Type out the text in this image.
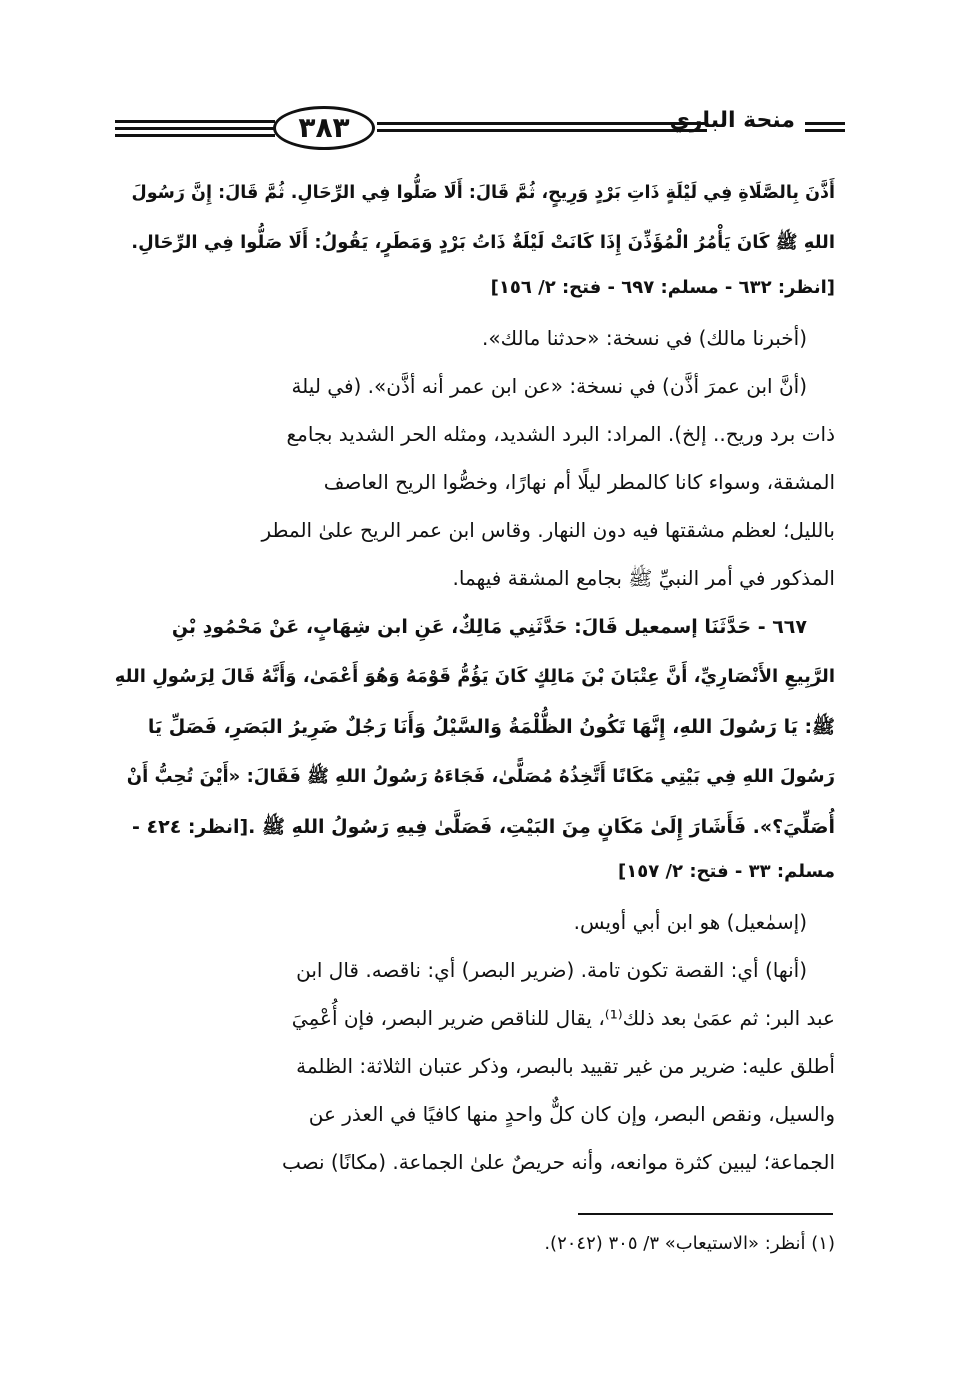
٣٨٣	منحة الباري
أَذَّنَ بِالصَّلَاةِ فِي لَيْلَةٍ ذَاتِ بَرْدٍ وَرِيحٍ، ثُمَّ قَالَ: أَلَا صَلُّوا فِي الرِّحَالِ. ثُمَّ قَالَ: إِنَّ رَسُولَ
اللهِ ﷺ كَانَ يَأْمُرُ الْمُؤَذِّنَ إِذَا كَانَتْ لَيْلَةٌ ذَاتُ بَرْدٍ وَمَطَرٍ، يَقُولُ: أَلَا صَلُّوا فِي الرِّحَالِ.
[انظر: ٦٣٢ - مسلم: ٦٩٧ - فتح: ٢/ ١٥٦]
(أخبرنا مالك) في نسخة: «حدثنا مالك».
(أنَّ ابن عمرَ أذَّن) في نسخة: «عن ابن عمر أنه أذَّن». (في ليلة
ذات برد وريح.. إلخ). المراد: البرد الشديد، ومثله الحر الشديد بجامع
المشقة، وسواء كانا كالمطر ليلًا أم نهارًا، وخصُّوا الريح العاصف
بالليل؛ لعظم مشقتها فيه دون النهار. وقاس ابن عمر الريح علىٰ المطر
المذكور في أمر النبيِّ ﷺ بجامع المشقة فيهما.
٦٦٧ - حَدَّثَنَا إسمعيل قَالَ: حَدَّثَنِي مَالِكٌ، عَنِ ابن شِهَابٍ، عَنْ مَحْمُودِ بْنِ
الرَّبِيعِ الأَنْصَارِيِّ، أَنَّ عِتْبَانَ بْنَ مَالِكٍ كَانَ يَؤُمُّ قَوْمَهُ وَهُوَ أَعْمَىٰ، وَأَنَّهُ قَالَ لِرَسُولِ اللهِ
ﷺ: يَا رَسُولَ اللهِ، إِنَّهَا تَكُونُ الظُّلْمَةُ وَالسَّيْلُ وَأَنَا رَجُلٌ ضَرِيرُ البَصَرِ، فَصَلِّ يَا
رَسُولَ اللهِ فِي بَيْتِي مَكَانًا أَتَّخِذُهُ مُصَلًّىٰ، فَجَاءَهُ رَسُولُ اللهِ ﷺ فَقَالَ: «أَيْنَ تُحِبُّ أَنْ
أُصَلِّيَ؟». فَأَشَارَ إِلَىٰ مَكَانٍ مِنَ البَيْتِ، فَصَلَّىٰ فِيهِ رَسُولُ اللهِ ﷺ .[انظر: ٤٢٤ -
مسلم: ٣٣ - فتح: ٢/ ١٥٧]
(إسمٰعيل) هو ابن أبي أويس.
(أنها) أي: القصة تكون تامة. (ضرير البصر) أي: ناقصه. قال ابن
عبد البر: ثم عمَىٰ بعد ذلك⁽¹⁾، يقال للناقص ضرير البصر، فإن أُعْمِيَ
أطلق عليه: ضرير من غير تقييد بالبصر، وذكر عتبان الثلاثة: الظلمة
والسيل، ونقص البصر، وإن كان كلٌّ واحدٍ منها كافيًا في العذر عن
الجماعة؛ ليبين كثرة موانعه، وأنه حريصٌ علىٰ الجماعة. (مكانًا) نصب
(١) أنظر: «الاستيعاب» ٣/ ٣٠٥ (٢٠٤٢).
